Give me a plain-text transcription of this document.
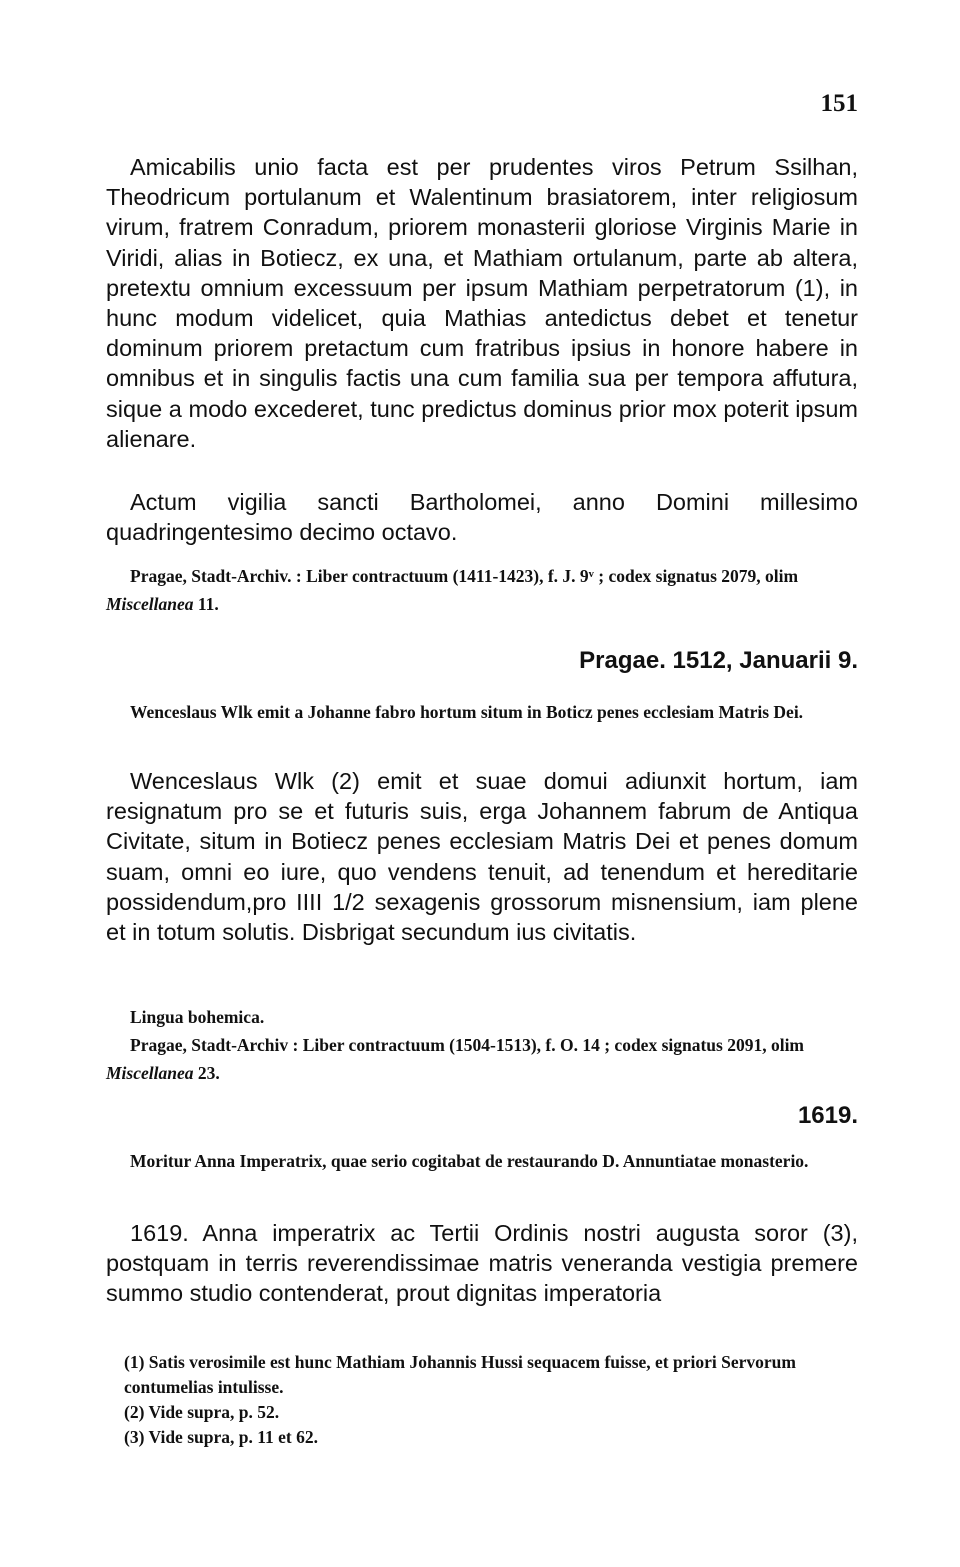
151

Amicabilis unio facta est per prudentes viros Petrum Ssilhan, Theodricum portulanum et Walentinum brasiatorem, inter religiosum virum, fratrem Conradum, priorem monasterii gloriose Virginis Marie in Viridi, alias in Botiecz, ex una, et Mathiam ortulanum, parte ab altera, pretextu omnium excessuum per ipsum Mathiam perpetratorum (1), in hunc modum videlicet, quia Mathias antedictus debet et tenetur dominum priorem pretactum cum fratribus ipsius in honore habere in omnibus et in singulis factis una cum familia sua per tempora affutura, sique a modo excederet, tunc predictus dominus prior mox poterit ipsum alienare.

Actum vigilia sancti Bartholomei, anno Domini millesimo quadringentesimo decimo octavo.

Pragae, Stadt-Archiv. : Liber contractuum (1411-1423), f. J. 9ᵛ ; codex signatus 2079, olim Miscellanea 11.

Pragae. 1512, Januarii 9.

Wenceslaus Wlk emit a Johanne fabro hortum situm in Boticz penes ecclesiam Matris Dei.

Wenceslaus Wlk (2) emit et suae domui adiunxit hortum, iam resignatum pro se et futuris suis, erga Johannem fabrum de Antiqua Civitate, situm in Botiecz penes ecclesiam Matris Dei et penes domum suam, omni eo iure, quo vendens tenuit, ad tenendum et hereditarie possidendum,pro IIII 1/2 sexagenis grossorum misnensium, iam plene et in totum solutis. Disbrigat secundum ius civitatis.

Lingua bohemica.

Pragae, Stadt-Archiv : Liber contractuum (1504-1513), f. O. 14 ; codex signatus 2091, olim Miscellanea 23.

1619.

Moritur Anna Imperatrix, quae serio cogitabat de restaurando D. Annuntiatae monasterio.

1619. Anna imperatrix ac Tertii Ordinis nostri augusta soror (3), postquam in terris reverendissimae matris veneranda vestigia premere summo studio contenderat, prout dignitas imperatoria

(1) Satis verosimile est hunc Mathiam Johannis Hussi sequacem fuisse, et priori Servorum contumelias intulisse.

(2) Vide supra, p. 52.

(3) Vide supra, p. 11 et 62.
